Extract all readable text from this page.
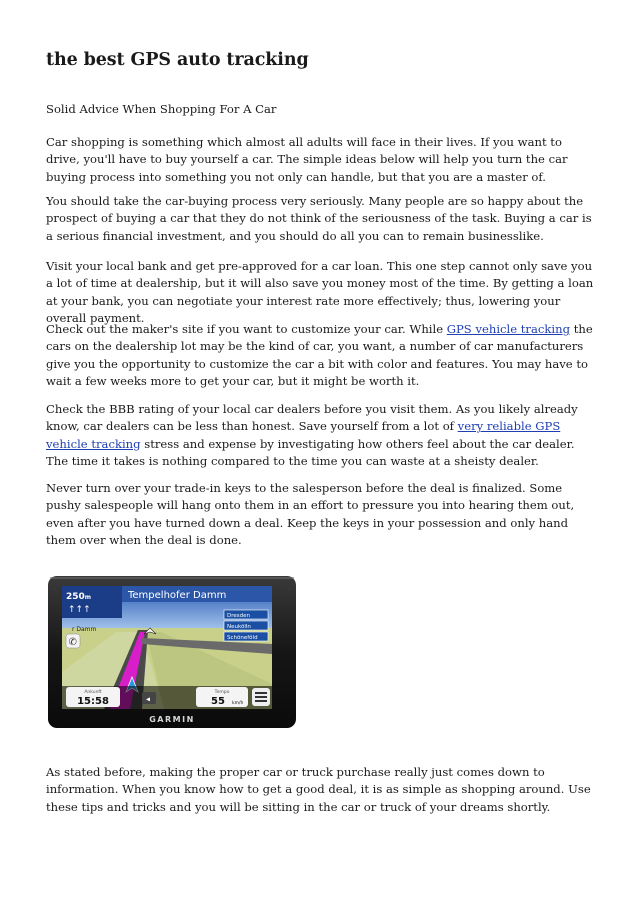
the best GPS auto tracking

Solid Advice When Shopping For A Car

Car shopping is something which almost all adults will face in their lives. If you want to drive, you'll have to buy yourself a car. The simple ideas below will help you turn the car buying process into something you not only can handle, but that you are a master of.

You should take the car-buying process very seriously. Many people are so happy about the prospect of buying a car that they do not think of the seriousness of the task. Buying a car is a serious financial investment, and you should do all you can to remain businesslike.

Visit your local bank and get pre-approved for a car loan. This one step cannot only save you a lot of time at dealership, but it will also save you money most of the time. By getting a loan at your bank, you can negotiate your interest rate more effectively; thus, lowering your overall payment.

Check out the maker's site if you want to customize your car. While GPS vehicle tracking the cars on the dealership lot may be the kind of car, you want, a number of car manufacturers give you the opportunity to customize the car a bit with color and features. You may have to wait a few weeks more to get your car, but it might be worth it.

Check the BBB rating of your local car dealers before you visit them. As you likely already know, car dealers can be less than honest. Save yourself from a lot of very reliable GPS vehicle tracking stress and expense by investigating how others feel about the car dealer. The time it takes is nothing compared to the time you can waste at a sheisty dealer.

Never turn over your trade-in keys to the salesperson before the deal is finalized. Some pushy salespeople will hang onto them in an effort to pressure you into hearing them out, even after you have turned down a deal. Keep the keys in your possession and only hand them over when the deal is done.

250m
↑↑↑
Tempelhofer Damm
r Damm
✆
Dresden
Neukölln
Schöneföld
Ankunft
15:58
Tempo
55 km/h
◂
GARMIN

As stated before, making the proper car or truck purchase really just comes down to information. When you know how to get a good deal, it is as simple as shopping around. Use these tips and tricks and you will be sitting in the car or truck of your dreams shortly.
